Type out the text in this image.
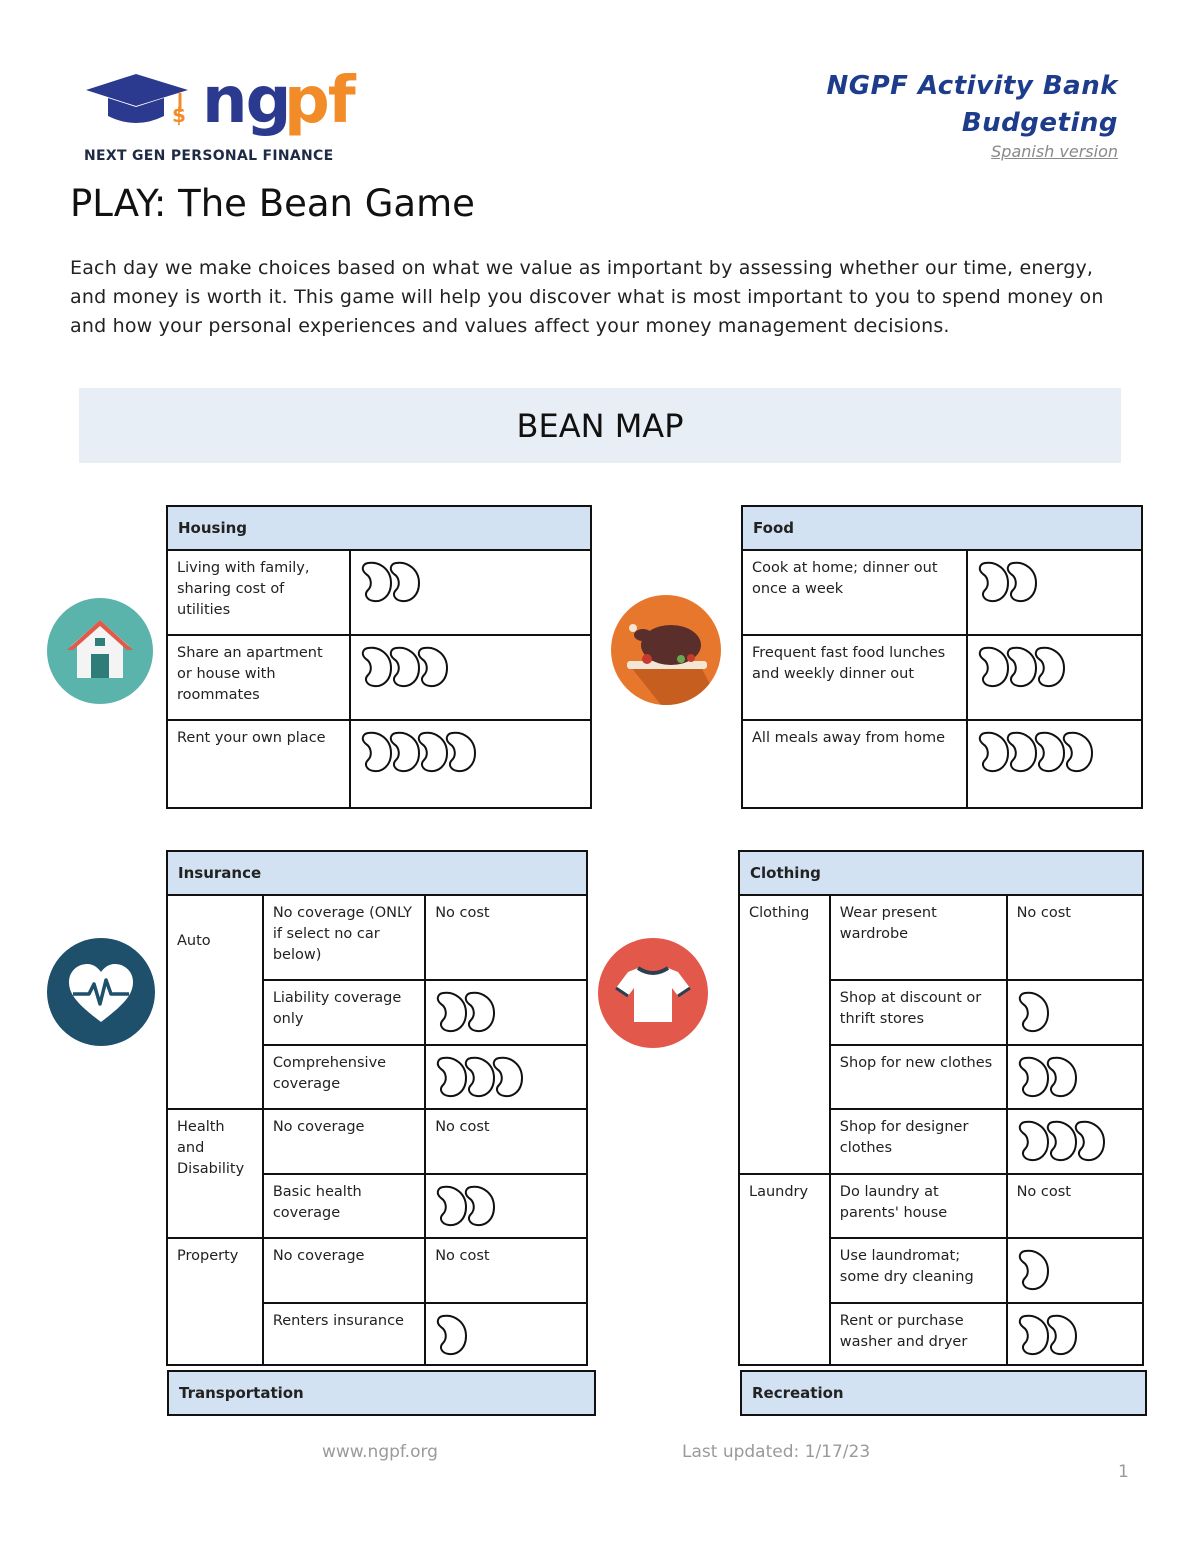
$ ng
pf
NEXT GEN PERSONAL FINANCE
NGPF Activity Bank
Budgeting
Spanish version
PLAY: The Bean Game
Each day we make choices based on what we value as important by assessing whether our time, energy, and money is worth it. This game will help you discover what is most important to you to spend money on and how your personal experiences and values affect your money management decisions.
BEAN MAP
Housing	
Living with family, sharing cost of utilities	

Share an apartment or house with roommates	

Rent your own place	
Food	
Cook at home; dinner out once a week	

Frequent fast food lunches and weekly dinner out	

All meals away from home	
Insurance		
Auto	No coverage (ONLY if select no car below)	No cost

	Liability coverage only	

	Comprehensive coverage	

Health and Disability	No coverage	No cost

	Basic health coverage	

Property	No coverage	No cost

	Renters insurance	
Clothing		
Clothing	Wear present wardrobe	No cost

	Shop at discount or thrift stores	

	Shop for new clothes	

	Shop for designer clothes	

Laundry	Do laundry at parents' house	No cost

	Use laundromat; some dry cleaning	

	Rent or purchase washer and dryer	
Transportation	Recreation
www.ngpf.org	Last updated: 1/17/23
1
